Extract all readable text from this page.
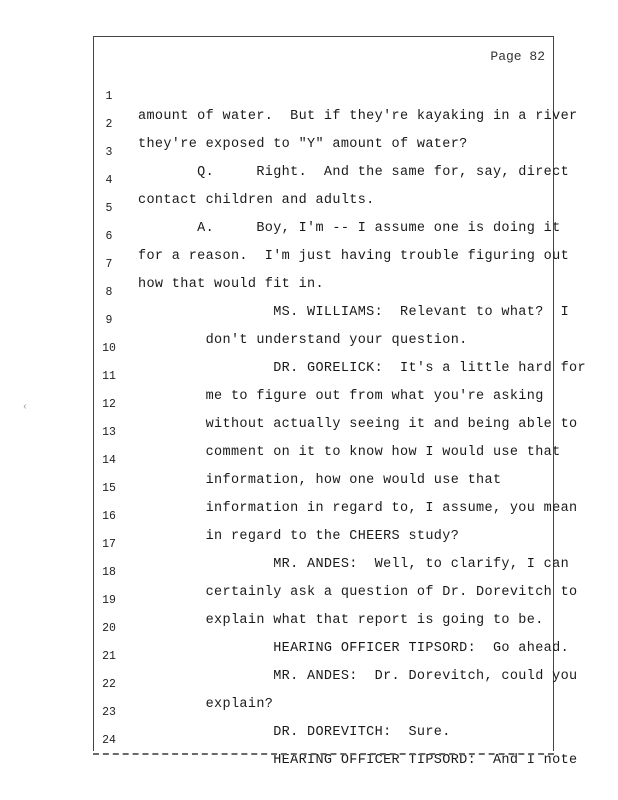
Page 82

1

amount of water.  But if they're kayaking in a river

2

they're exposed to "Y" amount of water?

3

Q.     Right.  And the same for, say, direct

4

contact children and adults.

5

A.     Boy, I'm -- I assume one is doing it

6

for a reason.  I'm just having trouble figuring out

7

how that would fit in.

8

MS. WILLIAMS:  Relevant to what?  I

9

don't understand your question.

10

DR. GORELICK:  It's a little hard for

11

me to figure out from what you're asking

12

without actually seeing it and being able to

13

comment on it to know how I would use that

14

information, how one would use that

15

information in regard to, I assume, you mean

16

in regard to the CHEERS study?

17

MR. ANDES:  Well, to clarify, I can

18

certainly ask a question of Dr. Dorevitch to

19

explain what that report is going to be.

20

HEARING OFFICER TIPSORD:  Go ahead.

21

MR. ANDES:  Dr. Dorevitch, could you

22

explain?

23

DR. DOREVITCH:  Sure.

24

HEARING OFFICER TIPSORD:  And I note

‹
